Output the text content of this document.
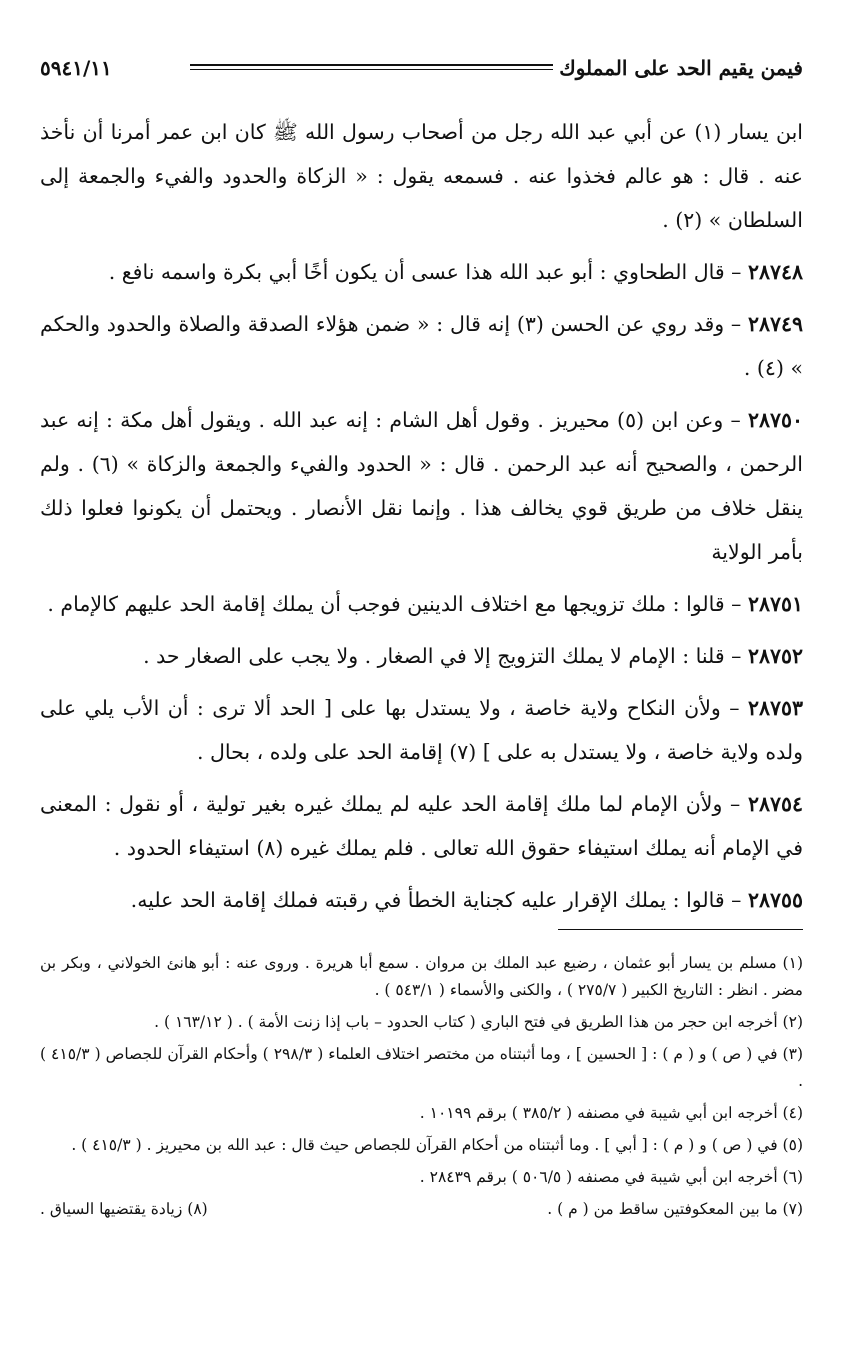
فيمن يقيم الحد على المملوك
٥٩٤١/١١

ابن يسار (١) عن أبي عبد الله رجل من أصحاب رسول الله ﷺ كان ابن عمر أمرنا أن نأخذ عنه . قال : هو عالم فخذوا عنه . فسمعه يقول : « الزكاة والحدود والفيء والجمعة إلى السلطان » (٢) .

٢٨٧٤٨ – قال الطحاوي : أبو عبد الله هذا عسى أن يكون أخًا أبي بكرة واسمه نافع .

٢٨٧٤٩ – وقد روي عن الحسن (٣) إنه قال : « ضمن هؤلاء الصدقة والصلاة والحدود والحكم » (٤) .

٢٨٧٥٠ – وعن ابن (٥) محيريز . وقول أهل الشام : إنه عبد الله . ويقول أهل مكة : إنه عبد الرحمن ، والصحيح أنه عبد الرحمن . قال : « الحدود والفيء والجمعة والزكاة » (٦) . ولم ينقل خلاف من طريق قوي يخالف هذا . وإنما نقل الأنصار . ويحتمل أن يكونوا فعلوا ذلك بأمر الولاية

٢٨٧٥١ – قالوا : ملك تزويجها مع اختلاف الدينين فوجب أن يملك إقامة الحد عليهم كالإمام .

٢٨٧٥٢ – قلنا : الإمام لا يملك التزويج إلا في الصغار . ولا يجب على الصغار حد .

٢٨٧٥٣ – ولأن النكاح ولاية خاصة ، ولا يستدل بها على [ الحد ألا ترى : أن الأب يلي على ولده ولاية خاصة ، ولا يستدل به على ] (٧) إقامة الحد على ولده ، بحال .

٢٨٧٥٤ – ولأن الإمام لما ملك إقامة الحد عليه لم يملك غيره بغير تولية ، أو نقول : المعنى في الإمام أنه يملك استيفاء حقوق الله تعالى . فلم يملك غيره (٨) استيفاء الحدود .

٢٨٧٥٥ – قالوا : يملك الإقرار عليه كجناية الخطأ في رقبته فملك إقامة الحد عليه.

(١) مسلم بن يسار أبو عثمان ، رضيع عبد الملك بن مروان . سمع أبا هريرة . وروى عنه : أبو هانئ الخولاني ، وبكر بن مضر . انظر : التاريخ الكبير ( ٢٧٥/٧ ) ، والكنى والأسماء ( ٥٤٣/١ ) .

(٢) أخرجه ابن حجر من هذا الطريق في فتح الباري ( كتاب الحدود – باب إذا زنت الأمة ) . ( ١٦٣/١٢ ) .

(٣) في ( ص ) و ( م ) : [ الحسين ] ، وما أثبتناه من مختصر اختلاف العلماء ( ٢٩٨/٣ ) وأحكام القرآن للجصاص ( ٤١٥/٣ ) .

(٤) أخرجه ابن أبي شيبة في مصنفه ( ٣٨٥/٢ ) برقم ١٠١٩٩ .

(٥) في ( ص ) و ( م ) : [ أبي ] . وما أثبتناه من أحكام القرآن للجصاص حيث قال : عبد الله بن محيريز . ( ٤١٥/٣ ) .

(٦) أخرجه ابن أبي شيبة في مصنفه ( ٥٠٦/٥ ) برقم ٢٨٤٣٩ .

(٧) ما بين المعكوفتين ساقط من ( م ) .
(٨) زيادة يقتضيها السياق .
